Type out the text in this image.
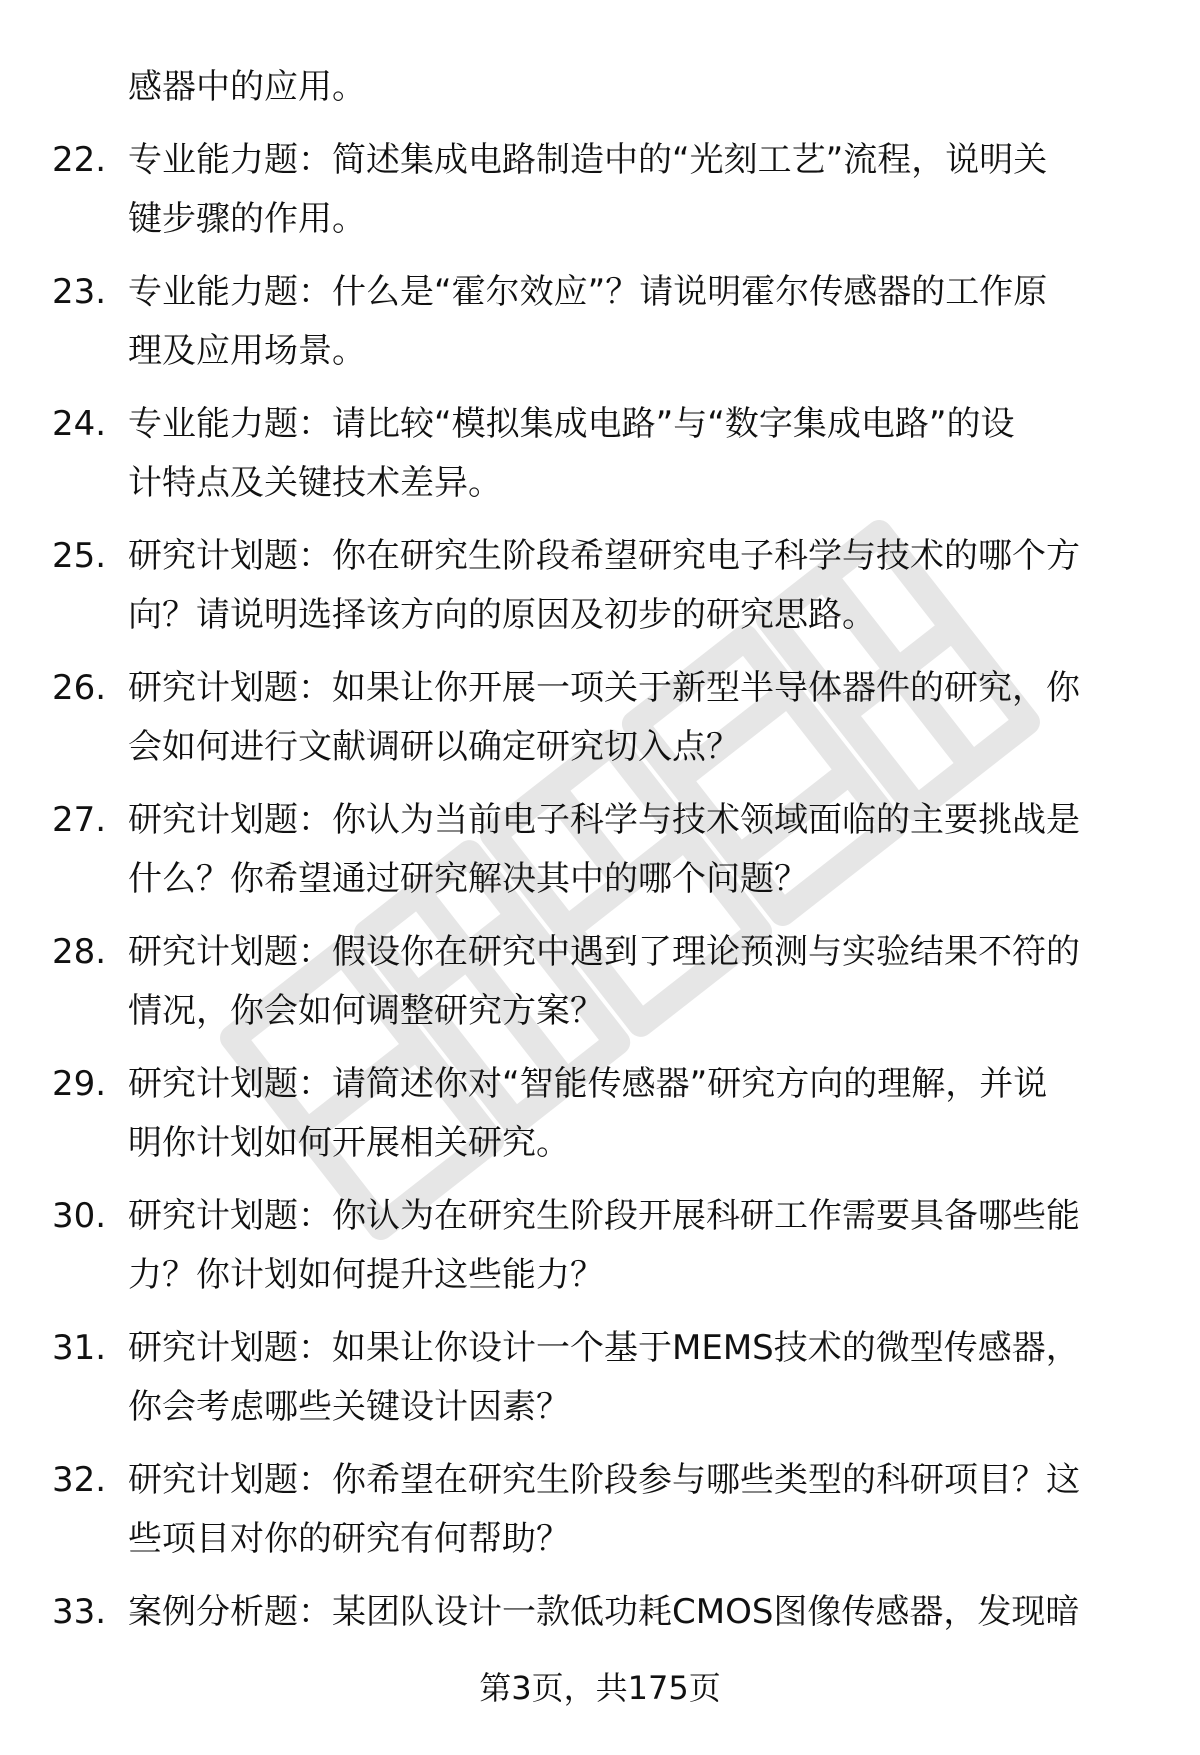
感器中的应用。
22. 专业能力题：简述集成电路制造中的“光刻工艺”流程，说明关
键步骤的作用。
23. 专业能力题：什么是“霍尔效应”？请说明霍尔传感器的工作原
理及应用场景。
24. 专业能力题：请比较“模拟集成电路”与“数字集成电路”的设
计特点及关键技术差异。
25. 研究计划题：你在研究生阶段希望研究电子科学与技术的哪个方
向？请说明选择该方向的原因及初步的研究思路。
26. 研究计划题：如果让你开展一项关于新型半导体器件的研究，你
会如何进行文献调研以确定研究切入点？
27. 研究计划题：你认为当前电子科学与技术领域面临的主要挑战是
什么？你希望通过研究解决其中的哪个问题？
28. 研究计划题：假设你在研究中遇到了理论预测与实验结果不符的
情况，你会如何调整研究方案？
29. 研究计划题：请简述你对“智能传感器”研究方向的理解，并说
明你计划如何开展相关研究。
30. 研究计划题：你认为在研究生阶段开展科研工作需要具备哪些能
力？你计划如何提升这些能力？
31. 研究计划题：如果让你设计一个基于MEMS技术的微型传感器，
你会考虑哪些关键设计因素？
32. 研究计划题：你希望在研究生阶段参与哪些类型的科研项目？这
些项目对你的研究有何帮助？
33. 案例分析题：某团队设计一款低功耗CMOS图像传感器，发现暗
第3页，共175页
